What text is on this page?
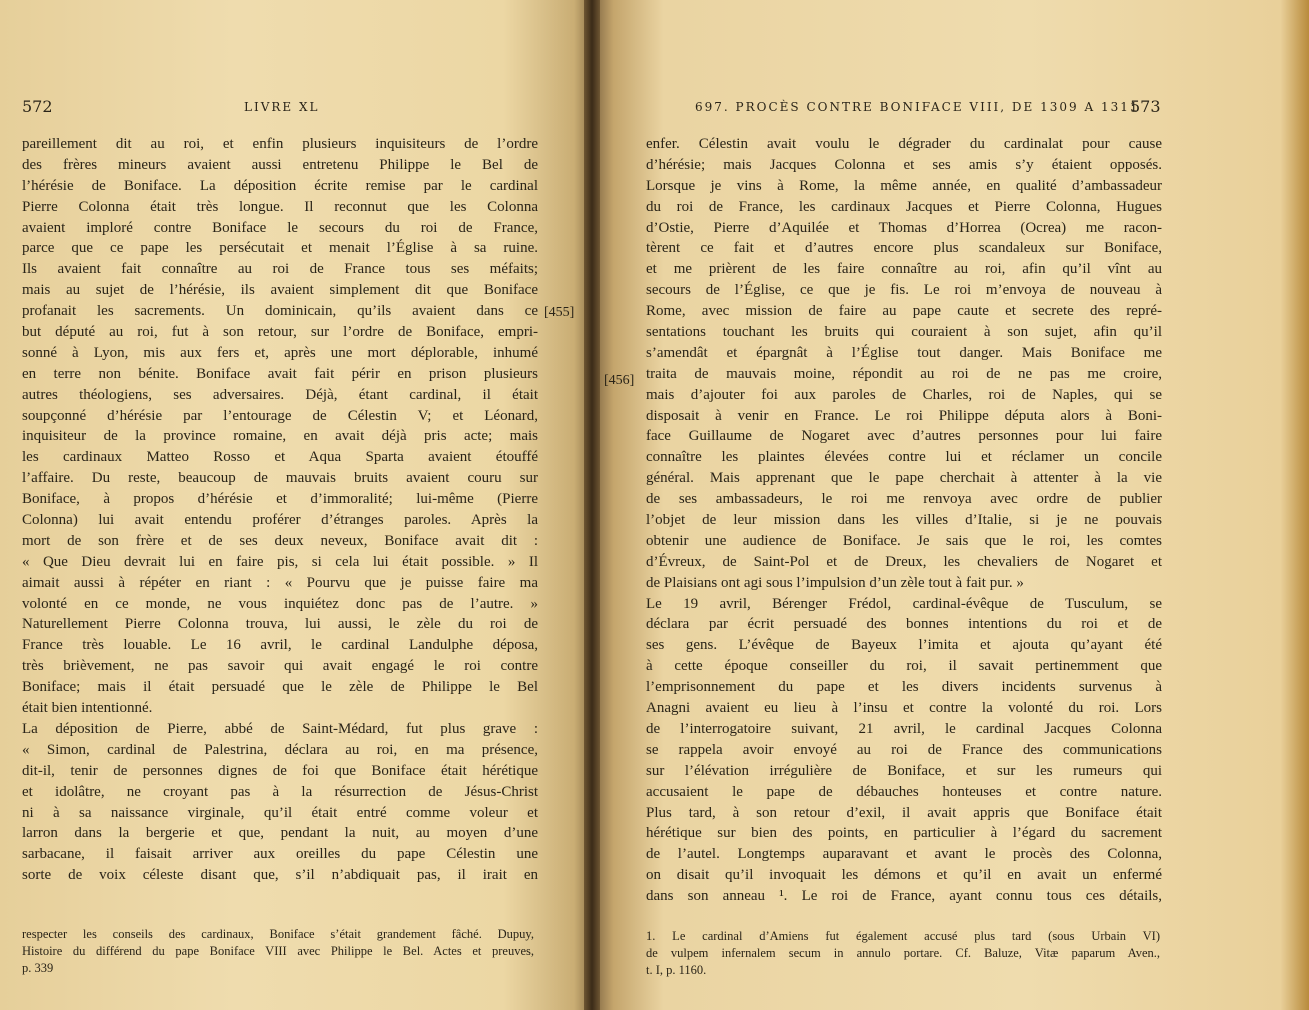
572	LIVRE XL
pareillement dit au roi, et enfin plusieurs inquisiteurs de l’ordre
des frères mineurs avaient aussi entretenu Philippe le Bel de
l’hérésie de Boniface. La déposition écrite remise par le cardinal
Pierre Colonna était très longue. Il reconnut que les Colonna
avaient imploré contre Boniface le secours du roi de France,
parce que ce pape les persécutait et menait l’Église à sa ruine.
Ils avaient fait connaître au roi de France tous ses méfaits;
mais au sujet de l’hérésie, ils avaient simplement dit que Boniface
profanait les sacrements. Un dominicain, qu’ils avaient dans ce
but député au roi, fut à son retour, sur l’ordre de Boniface, empri-
sonné à Lyon, mis aux fers et, après une mort déplorable, inhumé
en terre non bénite. Boniface avait fait périr en prison plusieurs
autres théologiens, ses adversaires. Déjà, étant cardinal, il était
soupçonné d’hérésie par l’entourage de Célestin V; et Léonard,
inquisiteur de la province romaine, en avait déjà pris acte; mais
les cardinaux Matteo Rosso et Aqua Sparta avaient étouffé
l’affaire. Du reste, beaucoup de mauvais bruits avaient couru sur
Boniface, à propos d’hérésie et d’immoralité; lui-même (Pierre
Colonna) lui avait entendu proférer d’étranges paroles. Après la
mort de son frère et de ses deux neveux, Boniface avait dit :
« Que Dieu devrait lui en faire pis, si cela lui était possible. » Il
aimait aussi à répéter en riant : « Pourvu que je puisse faire ma
volonté en ce monde, ne vous inquiétez donc pas de l’autre. »
Naturellement Pierre Colonna trouva, lui aussi, le zèle du roi de
France très louable. Le 16 avril, le cardinal Landulphe déposa,
très brièvement, ne pas savoir qui avait engagé le roi contre
Boniface; mais il était persuadé que le zèle de Philippe le Bel
était bien intentionné.
La déposition de Pierre, abbé de Saint-Médard, fut plus grave :
« Simon, cardinal de Palestrina, déclara au roi, en ma présence,
dit-il, tenir de personnes dignes de foi que Boniface était hérétique
et idolâtre, ne croyant pas à la résurrection de Jésus-Christ
ni à sa naissance virginale, qu’il était entré comme voleur et
larron dans la bergerie et que, pendant la nuit, au moyen d’une
sarbacane, il faisait arriver aux oreilles du pape Célestin une
sorte de voix céleste disant que, s’il n’abdiquait pas, il irait en
respecter les conseils des cardinaux, Boniface s’était grandement fâché. Dupuy,
Histoire du différend du pape Boniface VIII avec Philippe le Bel. Actes et preuves,
p. 339
697. PROCÈS CONTRE BONIFACE VIII, DE 1309 A 1311
573
[455]
[456]
enfer. Célestin avait voulu le dégrader du cardinalat pour cause
d’hérésie; mais Jacques Colonna et ses amis s’y étaient opposés.
Lorsque je vins à Rome, la même année, en qualité d’ambassadeur
du roi de France, les cardinaux Jacques et Pierre Colonna, Hugues
d’Ostie, Pierre d’Aquilée et Thomas d’Horrea (Ocrea) me racon-
tèrent ce fait et d’autres encore plus scandaleux sur Boniface,
et me prièrent de les faire connaître au roi, afin qu’il vînt au
secours de l’Église, ce que je fis. Le roi m’envoya de nouveau à
Rome, avec mission de faire au pape caute et secrete des repré-
sentations touchant les bruits qui couraient à son sujet, afin qu’il
s’amendât et épargnât à l’Église tout danger. Mais Boniface me
traita de mauvais moine, répondit au roi de ne pas me croire,
mais d’ajouter foi aux paroles de Charles, roi de Naples, qui se
disposait à venir en France. Le roi Philippe députa alors à Boni-
face Guillaume de Nogaret avec d’autres personnes pour lui faire
connaître les plaintes élevées contre lui et réclamer un concile
général. Mais apprenant que le pape cherchait à attenter à la vie
de ses ambassadeurs, le roi me renvoya avec ordre de publier
l’objet de leur mission dans les villes d’Italie, si je ne pouvais
obtenir une audience de Boniface. Je sais que le roi, les comtes
d’Évreux, de Saint-Pol et de Dreux, les chevaliers de Nogaret et
de Plaisians ont agi sous l’impulsion d’un zèle tout à fait pur. »
Le 19 avril, Bérenger Frédol, cardinal-évêque de Tusculum, se
déclara par écrit persuadé des bonnes intentions du roi et de
ses gens. L’évêque de Bayeux l’imita et ajouta qu’ayant été
à cette époque conseiller du roi, il savait pertinemment que
l’emprisonnement du pape et les divers incidents survenus à
Anagni avaient eu lieu à l’insu et contre la volonté du roi. Lors
de l’interrogatoire suivant, 21 avril, le cardinal Jacques Colonna
se rappela avoir envoyé au roi de France des communications
sur l’élévation irrégulière de Boniface, et sur les rumeurs qui
accusaient le pape de débauches honteuses et contre nature.
Plus tard, à son retour d’exil, il avait appris que Boniface était
hérétique sur bien des points, en particulier à l’égard du sacrement
de l’autel. Longtemps auparavant et avant le procès des Colonna,
on disait qu’il invoquait les démons et qu’il en avait un enfermé
dans son anneau ¹. Le roi de France, ayant connu tous ces détails,
1. Le cardinal d’Amiens fut également accusé plus tard (sous Urbain VI)
de vulpem infernalem secum in annulo portare. Cf. Baluze, Vitæ paparum Aven.,
t. I, p. 1160.
